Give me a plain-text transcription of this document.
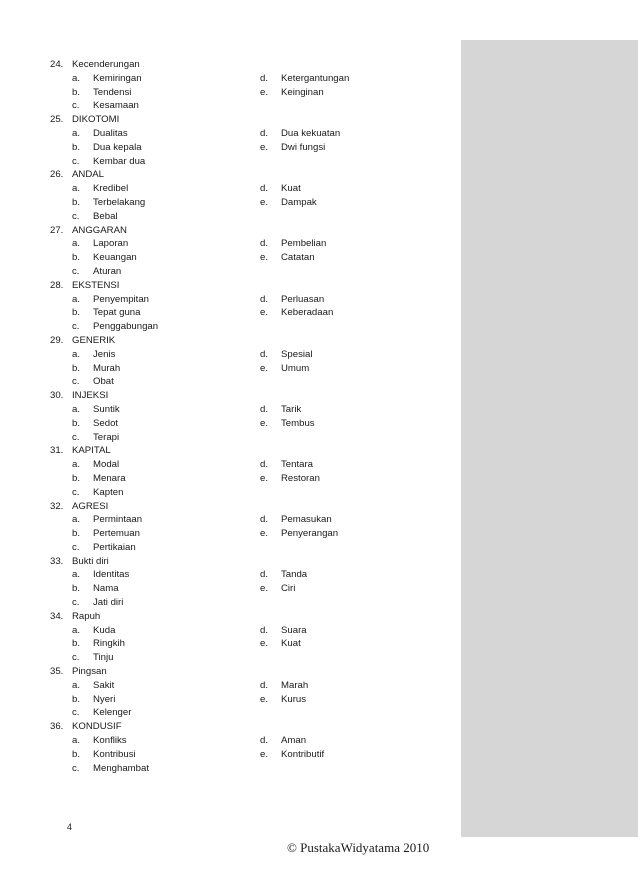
24. Kecenderungan
a. Kemiringan	d. Ketergantungan
b. Tendensi	e. Keinginan
c. Kesamaan
25. DIKOTOMI
a. Dualitas	d. Dua kekuatan
b. Dua kepala	e. Dwi fungsi
c. Kembar dua
26. ANDAL
a. Kredibel	d. Kuat
b. Terbelakang	e. Dampak
c. Bebal
27. ANGGARAN
a. Laporan	d. Pembelian
b. Keuangan	e. Catatan
c. Aturan
28. EKSTENSI
a. Penyempitan	d. Perluasan
b. Tepat guna	e. Keberadaan
c. Penggabungan
29. GENERIK
a. Jenis	d. Spesial
b. Murah	e. Umum
c. Obat
30. INJEKSI
a. Suntik	d. Tarik
b. Sedot	e. Tembus
c. Terapi
31. KAPITAL
a. Modal	d. Tentara
b. Menara	e. Restoran
c. Kapten
32. AGRESI
a. Permintaan	d. Pemasukan
b. Pertemuan	e. Penyerangan
c. Pertikaian
33. Bukti diri
a. Identitas	d. Tanda
b. Nama	e. Ciri
c. Jati diri
34. Rapuh
a. Kuda	d. Suara
b. Ringkih	e. Kuat
c. Tinju
35. Pingsan
a. Sakit	d. Marah
b. Nyeri	e. Kurus
c. Kelenger
36. KONDUSIF
a. Konfliks	d. Aman
b. Kontribusi	e. Kontributif
c. Menghambat
4
© PustakaWidyatama 2010
